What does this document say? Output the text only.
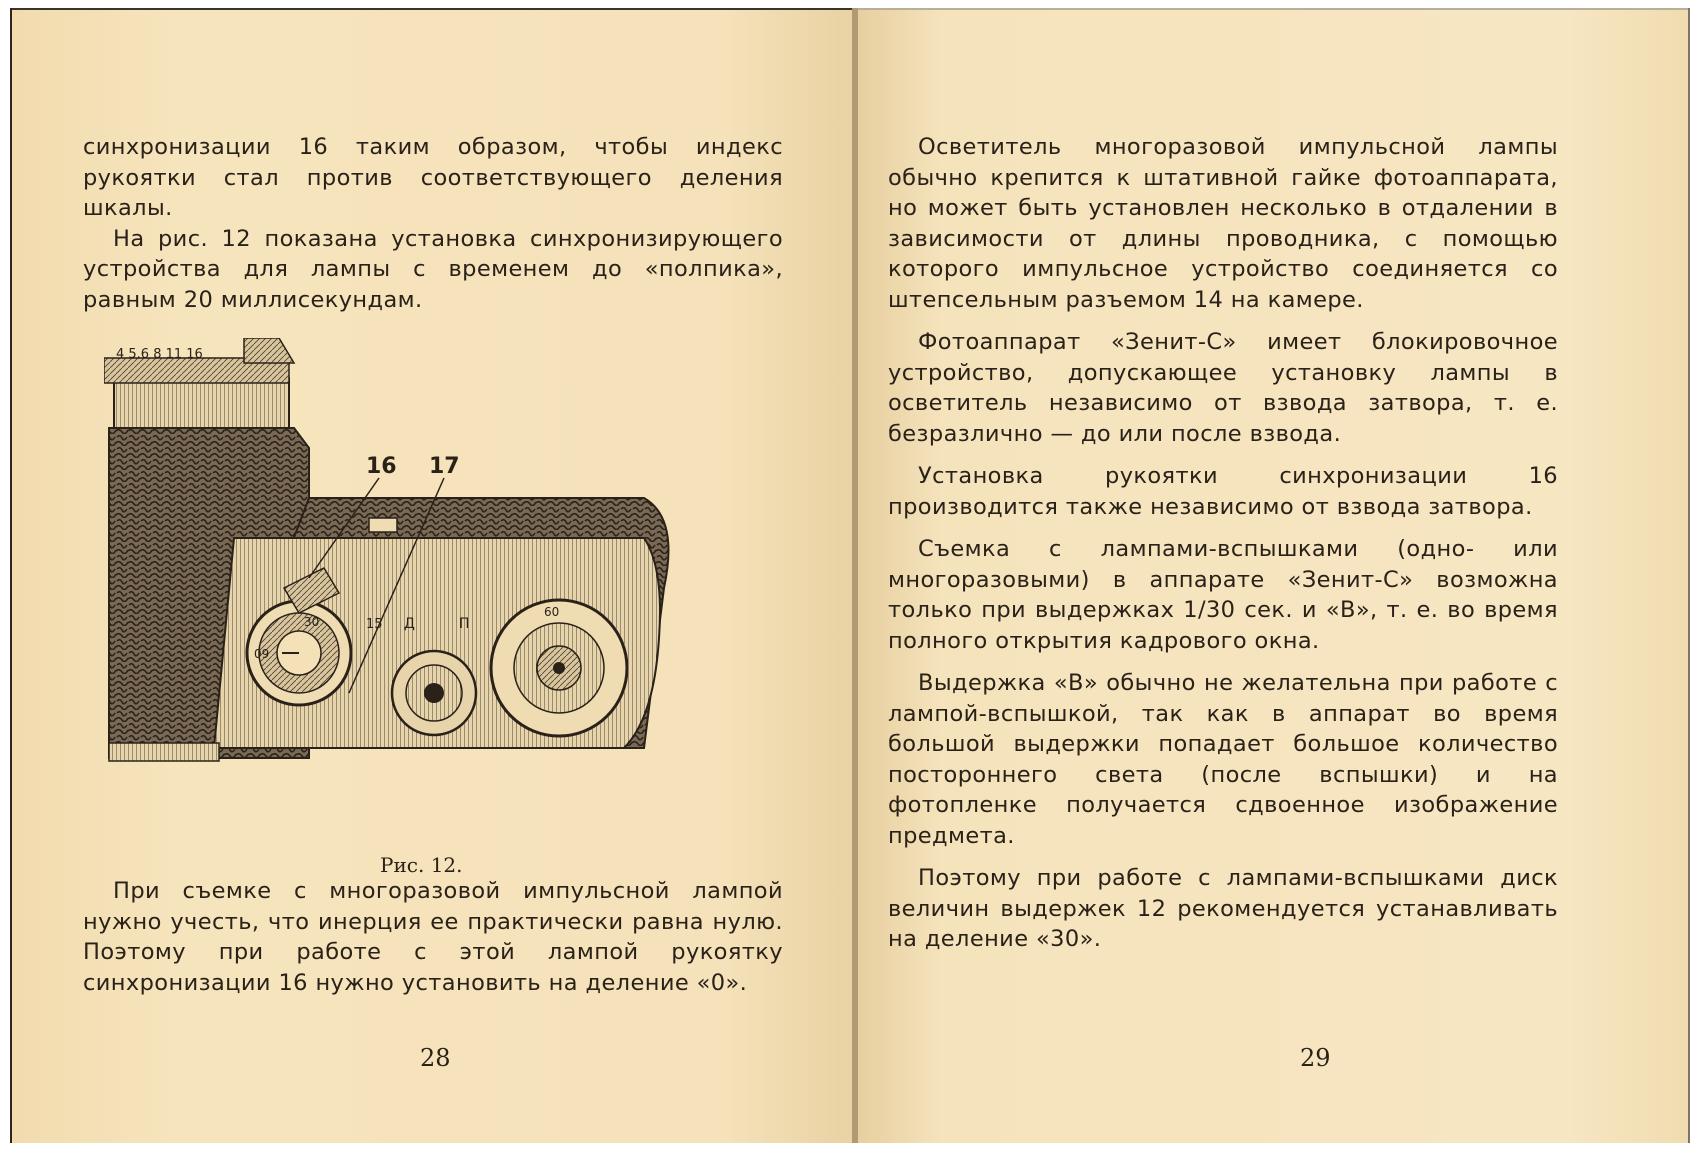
синхронизации 16 таким образом, чтобы индекс рукоятки стал против соответствующего деления шкалы.

На рис. 12 показана установка синхронизирующего устройства для лампы с временем до «полпика», равным 20 миллисекундам.

4 5.6 8 11 16
09
30
60
15 Д	П
16 17
Рис. 12.

При съемке с многоразовой импульсной лампой нужно учесть, что инерция ее практически равна нулю. Поэтому при работе с этой лампой рукоятку синхронизации 16 нужно установить на деление «0».

28

Осветитель многоразовой импульсной лампы обычно крепится к штативной гайке фотоаппарата, но может быть установлен несколько в отдалении в зависимости от длины проводника, с помощью которого импульсное устройство соединяется со штепсельным разъемом 14 на камере.

Фотоаппарат «Зенит-С» имеет блокировочное устройство, допускающее установку лампы в осветитель независимо от взвода затвора, т. е. безразлично — до или после взвода.

Установка рукоятки синхронизации 16 производится также независимо от взвода затвора.

Съемка с лампами-вспышками (одно- или многоразовыми) в аппарате «Зенит-С» возможна только при выдержках 1/30 сек. и «В», т. е. во время полного открытия кадрового окна.

Выдержка «В» обычно не желательна при работе с лампой-вспышкой, так как в аппарат во время большой выдержки попадает большое количество постороннего света (после вспышки) и на фотопленке получается сдвоенное изображение предмета.

Поэтому при работе с лампами-вспышками диск величин выдержек 12 рекомендуется устанавливать на деление «30».

29
